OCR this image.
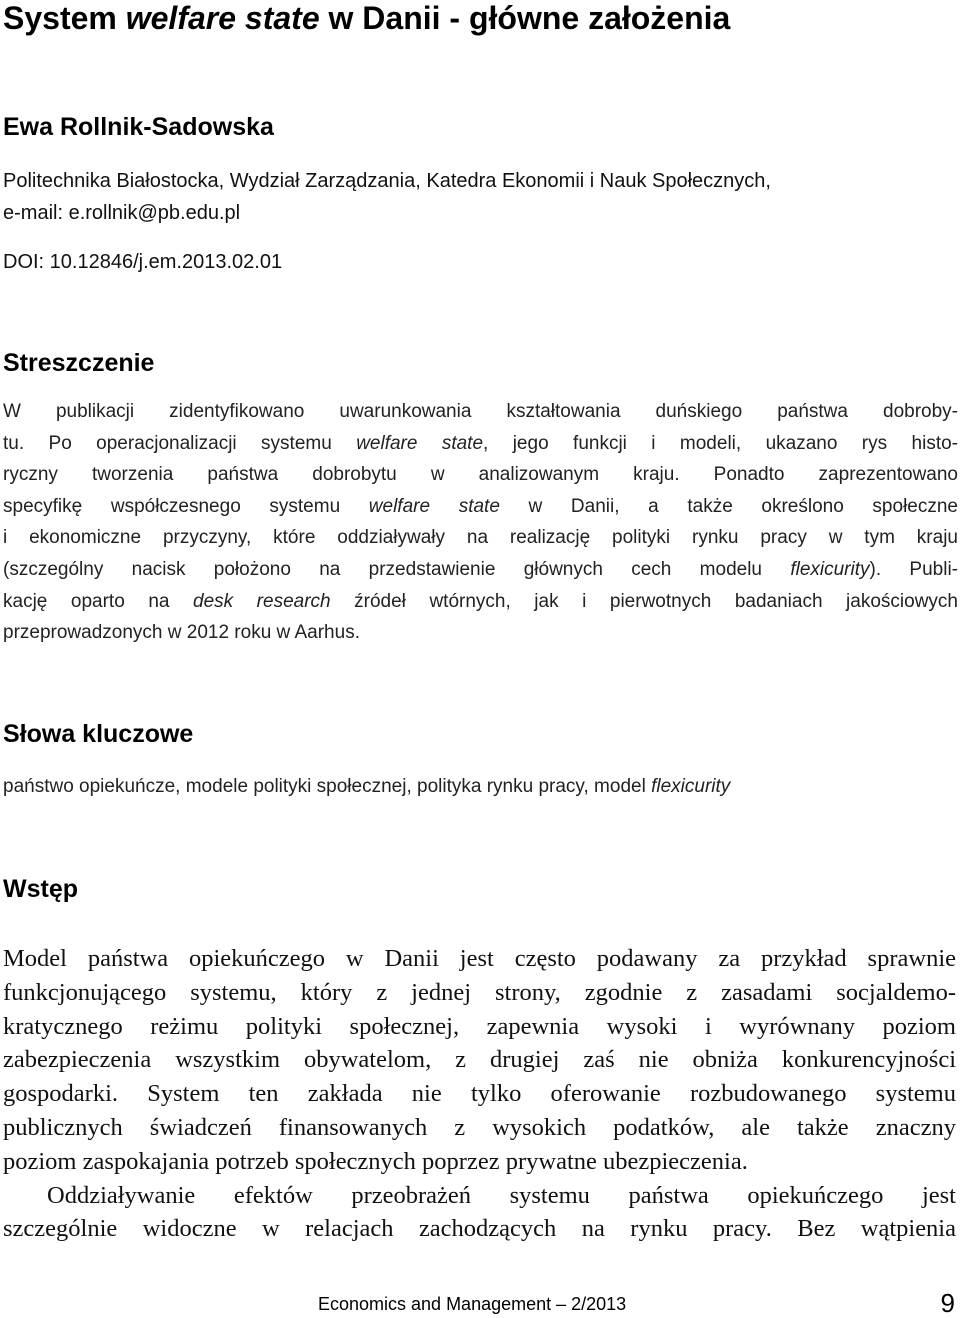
System welfare state w Danii - główne założenia
Ewa Rollnik-Sadowska
Politechnika Białostocka, Wydział Zarządzania, Katedra Ekonomii i Nauk Społecznych,
e-mail: e.rollnik@pb.edu.pl
DOI: 10.12846/j.em.2013.02.01
Streszczenie
W publikacji zidentyfikowano uwarunkowania kształtowania duńskiego państwa dobroby-
tu. Po operacjonalizacji systemu welfare state, jego funkcji i modeli, ukazano rys histo-
ryczny tworzenia państwa dobrobytu w analizowanym kraju. Ponadto zaprezentowano
specyfikę współczesnego systemu welfare state w Danii, a także określono społeczne
i ekonomiczne przyczyny, które oddziaływały na realizację polityki rynku pracy w tym kraju
(szczególny nacisk położono na przedstawienie głównych cech modelu flexicurity). Publi-
kację oparto na desk research źródeł wtórnych, jak i pierwotnych badaniach jakościowych
przeprowadzonych w 2012 roku w Aarhus.
Słowa kluczowe
państwo opiekuńcze, modele polityki społecznej, polityka rynku pracy, model flexicurity
Wstęp
Model państwa opiekuńczego w Danii jest często podawany za przykład sprawnie
funkcjonującego systemu, który z jednej strony, zgodnie z zasadami socjaldemo-
kratycznego reżimu polityki społecznej, zapewnia wysoki i wyrównany poziom
zabezpieczenia wszystkim obywatelom, z drugiej zaś nie obniża konkurencyjności
gospodarki. System ten zakłada nie tylko oferowanie rozbudowanego systemu
publicznych świadczeń finansowanych z wysokich podatków, ale także znaczny
poziom zaspokajania potrzeb społecznych poprzez prywatne ubezpieczenia.
Oddziaływanie efektów przeobrażeń systemu państwa opiekuńczego jest
szczególnie widoczne w relacjach zachodzących na rynku pracy. Bez wątpienia
Economics and Management – 2/2013	9
